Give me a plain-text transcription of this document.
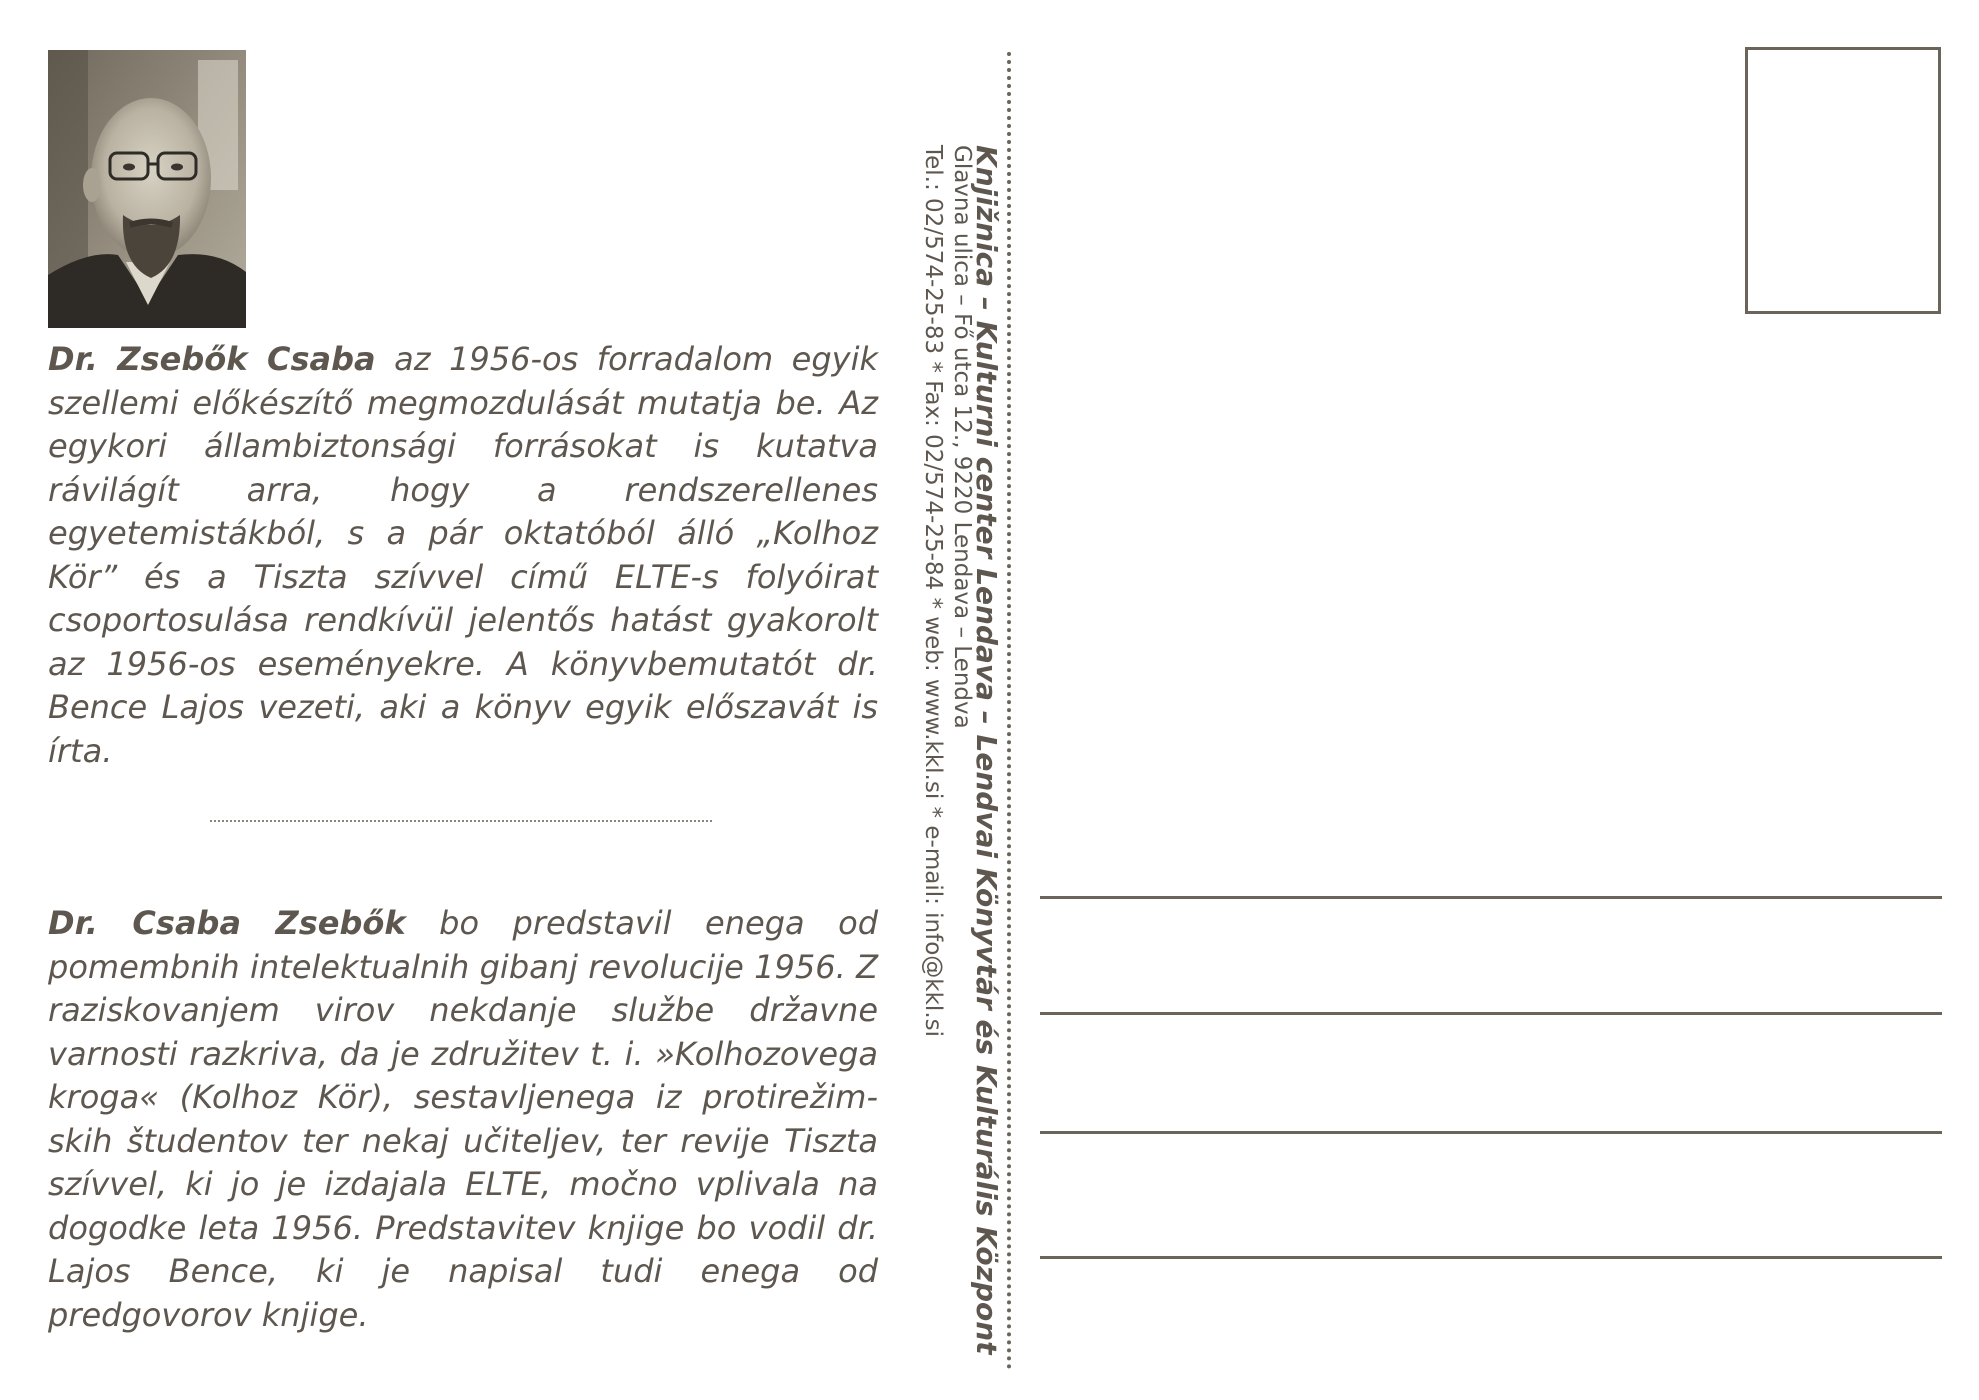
Dr. Zsebők Csaba az 1956-os forradalom egyik szellemi előkészítő megmozdulását mutatja be. Az egykori állambiztonsági forrásokat is kutatva rávilágít arra, hogy a rendszerellenes egyetemistákból, s a pár oktatóból álló „Kolhoz Kör” és a Tiszta szívvel című ELTE-s folyóirat csoportosulása rendkívül jelentős hatást gyakorolt az 1956-os eseményekre. A könyvbemutatót dr. Bence Lajos vezeti, aki a könyv egyik előszavát is írta.

Dr. Csaba Zsebők bo predstavil enega od pomembnih intelektualnih gibanj revolucije 1956. Z raziskovanjem virov nekdanje službe državne varnosti razkriva, da je združitev t. i. »Kolhozovega kroga« (Kolhoz Kör), sestavljenega iz protirežimskih študentov ter nekaj učiteljev, ter revije Tiszta szívvel, ki jo je izdajala ELTE, močno vplivala na dogodke leta 1956. Predstavitev knjige bo vodil dr. Lajos Bence, ki je napisal tudi enega od predgovorov knjige.	Knjižnica – Kulturni center Lendava – Lendvai Könyvtár és Kulturális Központ
Glavna ulica – Fő utca 12., 9220 Lendava – Lendva
Tel.: 02/574-25-83 * Fax: 02/574-25-84 * web: www.kkl.si * e-mail: info@kkl.si
